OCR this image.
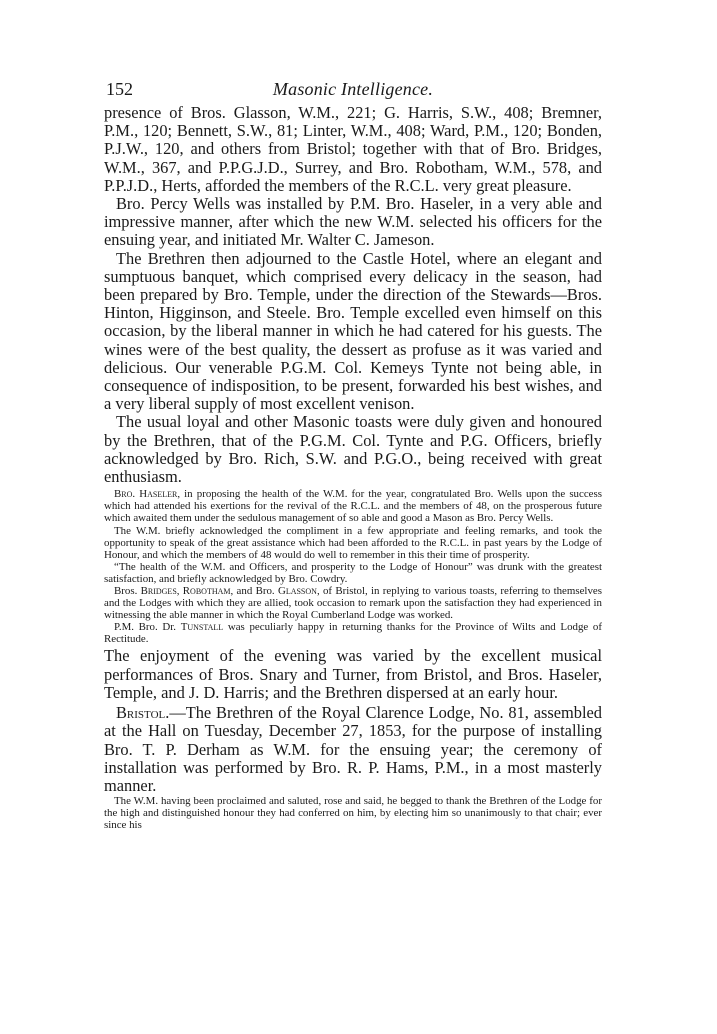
152	Masonic Intelligence.

presence of Bros. Glasson, W.M., 221; G. Harris, S.W., 408; Bremner, P.M., 120; Bennett, S.W., 81; Linter, W.M., 408; Ward, P.M., 120; Bonden, P.J.W., 120, and others from Bristol; together with that of Bro. Bridges, W.M., 367, and P.P.G.J.D., Surrey, and Bro. Robotham, W.M., 578, and P.P.J.D., Herts, afforded the members of the R.C.L. very great pleasure.

Bro. Percy Wells was installed by P.M. Bro. Haseler, in a very able and impressive manner, after which the new W.M. selected his officers for the ensuing year, and initiated Mr. Walter C. Jameson.

The Brethren then adjourned to the Castle Hotel, where an elegant and sumptuous banquet, which comprised every delicacy in the season, had been prepared by Bro. Temple, under the direction of the Stewards—Bros. Hinton, Higginson, and Steele. Bro. Temple excelled even himself on this occasion, by the liberal manner in which he had catered for his guests. The wines were of the best quality, the dessert as profuse as it was varied and delicious. Our venerable P.G.M. Col. Kemeys Tynte not being able, in consequence of indisposition, to be present, forwarded his best wishes, and a very liberal supply of most excellent venison.

The usual loyal and other Masonic toasts were duly given and honoured by the Brethren, that of the P.G.M. Col. Tynte and P.G. Officers, briefly acknowledged by Bro. Rich, S.W. and P.G.O., being received with great enthusiasm.

Bro. Haseler, in proposing the health of the W.M. for the year, congratulated Bro. Wells upon the success which had attended his exertions for the revival of the R.C.L. and the members of 48, on the prosperous future which awaited them under the sedulous management of so able and good a Mason as Bro. Percy Wells.

The W.M. briefly acknowledged the compliment in a few appropriate and feeling remarks, and took the opportunity to speak of the great assistance which had been afforded to the R.C.L. in past years by the Lodge of Honour, and which the members of 48 would do well to remember in this their time of prosperity.

“The health of the W.M. and Officers, and prosperity to the Lodge of Honour” was drunk with the greatest satisfaction, and briefly acknowledged by Bro. Cowdry.

Bros. Bridges, Robotham, and Bro. Glasson, of Bristol, in replying to various toasts, referring to themselves and the Lodges with which they are allied, took occasion to remark upon the satisfaction they had experienced in witnessing the able manner in which the Royal Cumberland Lodge was worked.

P.M. Bro. Dr. Tunstall was peculiarly happy in returning thanks for the Province of Wilts and Lodge of Rectitude.

The enjoyment of the evening was varied by the excellent musical performances of Bros. Snary and Turner, from Bristol, and Bros. Haseler, Temple, and J. D. Harris; and the Brethren dispersed at an early hour.

Bristol.—The Brethren of the Royal Clarence Lodge, No. 81, assembled at the Hall on Tuesday, December 27, 1853, for the purpose of installing Bro. T. P. Derham as W.M. for the ensuing year; the ceremony of installation was performed by Bro. R. P. Hams, P.M., in a most masterly manner.

The W.M. having been proclaimed and saluted, rose and said, he begged to thank the Brethren of the Lodge for the high and distinguished honour they had conferred on him, by electing him so unanimously to that chair; ever since his
